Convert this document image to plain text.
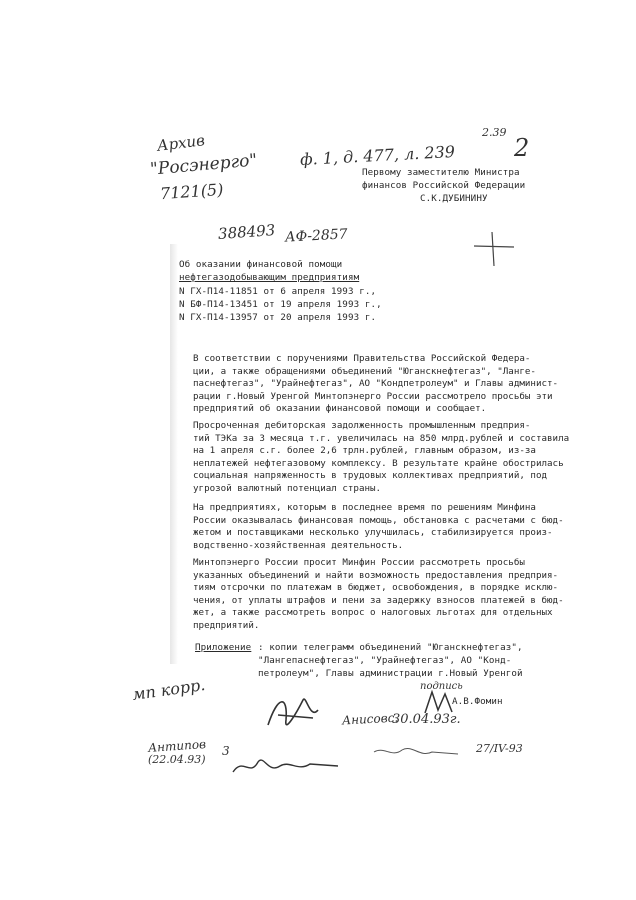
Архив
"Росэнерго"
7121(5)
ф. 1, д. 477, л. 239
2.39
2
Первому заместителю Министра
финансов Российской Федерации
С.К.ДУБИНИНУ
388493 АФ-2857
Об оказании финансовой помощи
нефтегазодобывающим предприятиям
N ГХ-П14-11851 от 6 апреля 1993 г.,
N БФ-П14-13451 от 19 апреля 1993 г.,
N ГХ-П14-13957 от 20 апреля 1993 г.
В соответствии с поручениями Правительства Российской Федера-
ции, а также обращениями объединений "Юганскнефтегаз", "Ланге-
паснефтегаз", "Урайнефтегаз", АО "Кондпетролеум" и Главы админист-
рации г.Новый Уренгой Минтопэнерго России рассмотрело просьбы эти
предприятий об оказании финансовой помощи и сообщает.
Просроченная дебиторская задолженность промышленным предприя-
тий ТЭКа за 3 месяца т.г. увеличилась на 850 млрд.рублей и составила
на 1 апреля с.г. более 2,6 трлн.рублей, главным образом, из-за
неплатежей нефтегазовому комплексу. В результате крайне обострилась
социальная напряженность в трудовых коллективах предприятий, под
угрозой валютный потенциал страны.
На предприятиях, которым в последнее время по решениям Минфина
России оказывалась финансовая помощь, обстановка с расчетами с бюд-
жетом и поставщиками несколько улучшилась, стабилизируется произ-
водственно-хозяйственная деятельность.
Минтопэнерго России просит Минфин России рассмотреть просьбы
указанных объединений и найти возможность предоставления предприя-
тиям отсрочки по платежам в бюджет, освобождения, в порядке исклю-
чения, от уплаты штрафов и пени за задержку взносов платежей в бюд-
жет, а также рассмотреть вопрос о налоговых льготах для отдельных
предприятий.
Приложение : копии телеграмм объединений "Юганскнефтегаз",
"Лангепаснефтегаз", "Урайнефтегаз", АО "Конд-
петролеум", Главы администрации г.Новый Уренгой
мп корр.
Антипов
(22.04.93)
3
А.В.Фомин
подпись
Анисовс.
30.04.93г.
27/IV-93
